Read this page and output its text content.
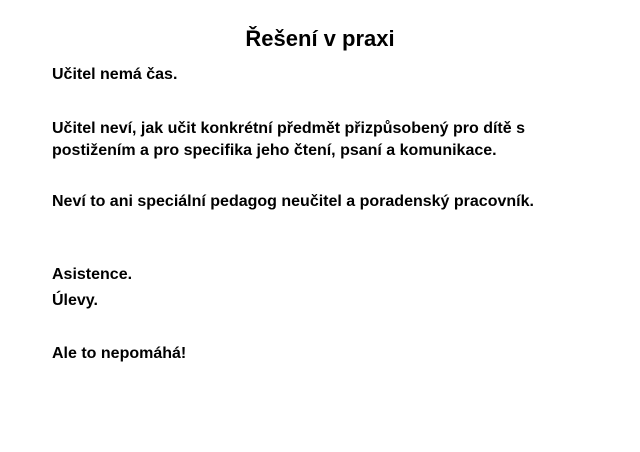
Řešení v praxi

Učitel nemá čas.

Učitel neví, jak učit konkrétní předmět přizpůsobený pro dítě s postižením a pro specifika jeho čtení, psaní a komunikace.

Neví to ani speciální pedagog neučitel a poradenský pracovník.

Asistence.

Úlevy.

Ale to nepomáhá!
